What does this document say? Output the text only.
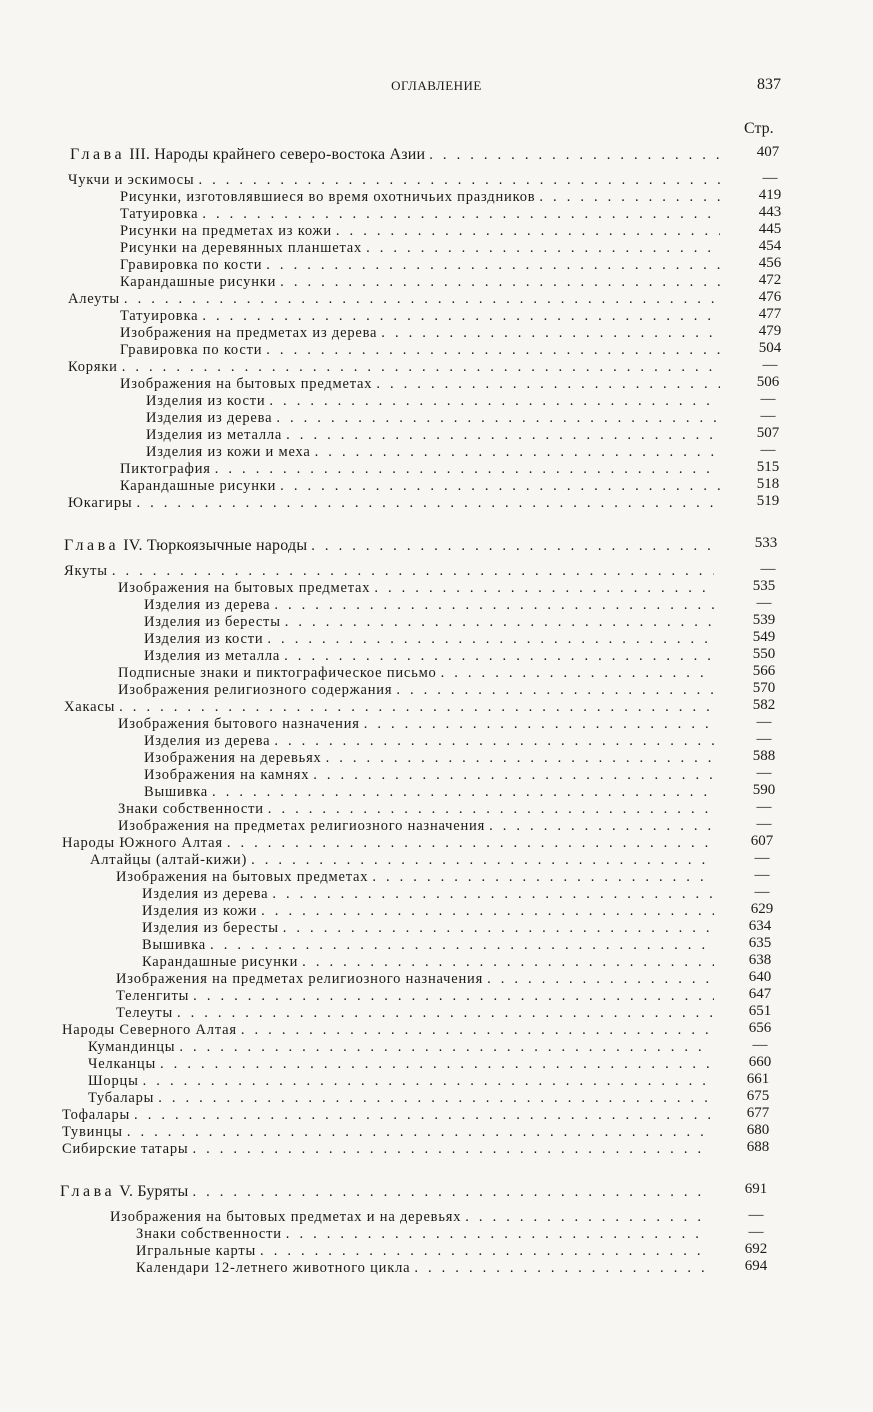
ОГЛАВЛЕНИЕ	837
Стр.
Глава III. Народы крайнего северо-востока Азии . . .	407
Чукчи и эскимосы . . .	—
Рисунки, изготовлявшиеся во время охотничьих праздников . . .	419
Татуировка . . .	443
Рисунки на предметах из кожи . . .	445
Рисунки на деревянных планшетах . . .	454
Гравировка по кости . . .	456
Карандашные рисунки . . .	472
Алеуты . . .	476
Татуировка . . .	477
Изображения на предметах из дерева . . .	479
Гравировка по кости . . .	504
Коряки . . .	—
Изображения на бытовых предметах . . .	506
Изделия из кости . . .	—
Изделия из дерева . . .	—
Изделия из металла . . .	507
Изделия из кожи и меха . . .	—
Пиктография . . .	515
Карандашные рисунки . . .	518
Юкагиры . . .	519
Глава IV. Тюркоязычные народы . . .	533
Якуты . . .	—
Изображения на бытовых предметах . . .	535
Изделия из дерева . . .	—
Изделия из бересты . . .	539
Изделия из кости . . .	549
Изделия из металла . . .	550
Подписные знаки и пиктографическое письмо . . .	566
Изображения религиозного содержания . . .	570
Хакасы . . .	582
Изображения бытового назначения . . .	—
Изделия из дерева . . .	—
Изображения на деревьях . . .	588
Изображения на камнях . . .	—
Вышивка . . .	590
Знаки собственности . . .	—
Изображения на предметах религиозного назначения . . .	—
Народы Южного Алтая . . .	607
Алтайцы (алтай-кижи) . . .	—
Изображения на бытовых предметах . . .	—
Изделия из дерева . . .	—
Изделия из кожи . . .	629
Изделия из бересты . . .	634
Вышивка . . .	635
Карандашные рисунки . . .	638
Изображения на предметах религиозного назначения . . .	640
Теленгиты . . .	647
Телеуты . . .	651
Народы Северного Алтая . . .	656
Кумандинцы . . .	—
Челканцы . . .	660
Шорцы . . .	661
Тубалары . . .	675
Тофалары . . .	677
Тувинцы . . .	680
Сибирские татары . . .	688
Глава V. Буряты . . .	691
Изображения на бытовых предметах и на деревьях . . .	—
Знаки собственности . . .	—
Игральные карты . . .	692
Календари 12-летнего животного цикла . . .	694
